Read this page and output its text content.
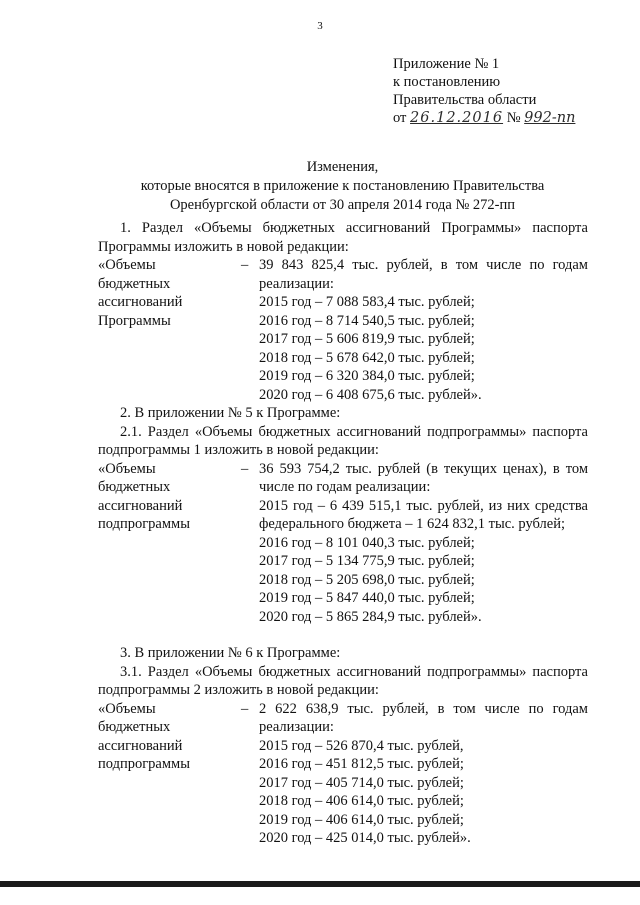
3
Приложение № 1
к постановлению
Правительства области
от 26.12.2016 № 992-пп
Изменения,
которые вносятся в приложение к постановлению Правительства
Оренбургской области от 30 апреля 2014 года № 272-пп

1. Раздел «Объемы бюджетных ассигнований Программы» паспорта Программы изложить в новой редакции:

«Объемы
бюджетных
ассигнований
Программы
– 39 843 825,4 тыс. рублей, в том числе по годам реализации:
2015 год – 7 088 583,4 тыс. рублей;
2016 год – 8 714 540,5 тыс. рублей;
2017 год – 5 606 819,9 тыс. рублей;
2018 год – 5 678 642,0 тыс. рублей;
2019 год – 6 320 384,0 тыс. рублей;
2020 год – 6 408 675,6 тыс. рублей».

2. В приложении № 5 к Программе:

2.1. Раздел «Объемы бюджетных ассигнований подпрограммы» паспорта подпрограммы 1 изложить в новой редакции:

«Объемы
бюджетных
ассигнований
подпрограммы
– 36 593 754,2 тыс. рублей (в текущих ценах), в том числе по годам реализации:
2015 год – 6 439 515,1 тыс. рублей, из них средства федерального бюджета – 1 624 832,1 тыс. рублей;
2016 год – 8 101 040,3 тыс. рублей;
2017 год – 5 134 775,9 тыс. рублей;
2018 год – 5 205 698,0 тыс. рублей;
2019 год – 5 847 440,0 тыс. рублей;
2020 год – 5 865 284,9 тыс. рублей».

3. В приложении № 6 к Программе:

3.1. Раздел «Объемы бюджетных ассигнований подпрограммы» паспорта подпрограммы 2 изложить в новой редакции:

«Объемы
бюджетных
ассигнований
подпрограммы
– 2 622 638,9 тыс. рублей, в том числе по годам реализации:
2015 год – 526 870,4 тыс. рублей,
2016 год – 451 812,5 тыс. рублей;
2017 год – 405 714,0 тыс. рублей;
2018 год – 406 614,0 тыс. рублей;
2019 год – 406 614,0 тыс. рублей;
2020 год – 425 014,0 тыс. рублей».
